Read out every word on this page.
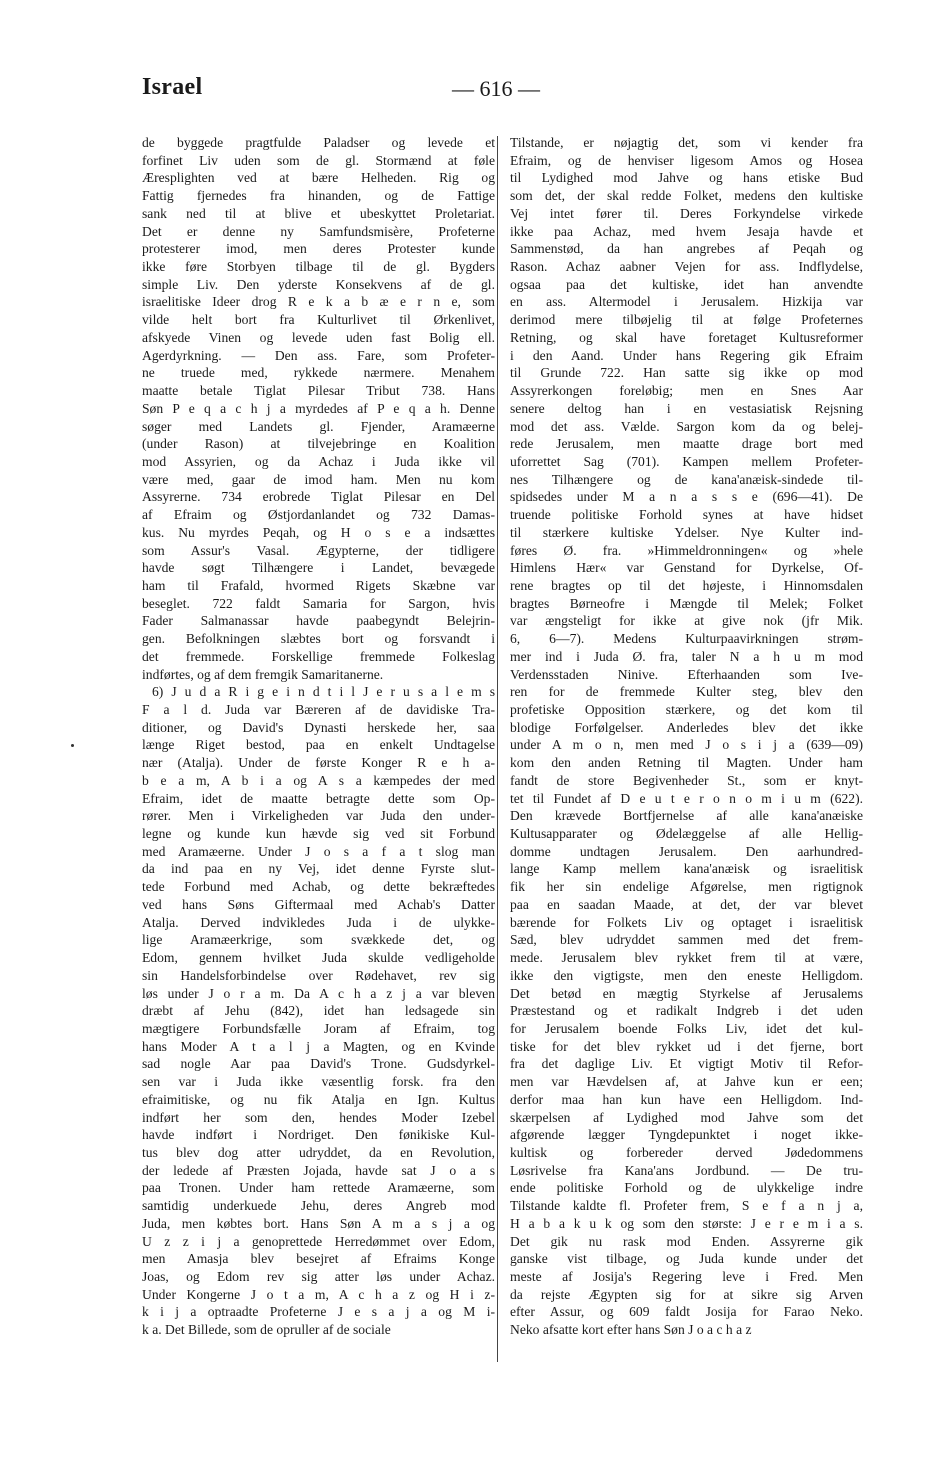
Israel	— 616 —
de byggede pragtfulde Paladser og levede et
forfinet Liv uden som de gl. Stormænd at føle
Æresplighten ved at bære Helheden. Rig og
Fattig fjernedes fra hinanden, og de Fattige
sank ned til at blive et ubeskyttet Proletariat.
Det er denne ny Samfundsmisère, Profeterne
protesterer imod, men deres Protester kunde
ikke føre Storbyen tilbage til de gl. Bygders
simple Liv. Den yderste Konsekvens af de gl.
israelitiske Ideer drog R e k a b æ e r n e, som
vilde helt bort fra Kulturlivet til Ørkenlivet,
afskyede Vinen og levede uden fast Bolig ell.
Agerdyrkning. — Den ass. Fare, som Profeter-
ne truede med, rykkede nærmere. Menahem
maatte betale Tiglat Pilesar Tribut 738. Hans
Søn P e q a c h j a myrdedes af P e q a h. Denne
søger med Landets gl. Fjender, Aramæerne
(under Rason) at tilvejebringe en Koalition
mod Assyrien, og da Achaz i Juda ikke vil
være med, gaar de imod ham. Men nu kom
Assyrerne. 734 erobrede Tiglat Pilesar en Del
af Efraim og Østjordanlandet og 732 Damas-
kus. Nu myrdes Peqah, og H o s e a indsættes
som Assur's Vasal. Ægypterne, der tidligere
havde søgt Tilhængere i Landet, bevægede
ham til Frafald, hvormed Rigets Skæbne var
beseglet. 722 faldt Samaria for Sargon, hvis
Fader Salmanassar havde paabegyndt Belejrin-
gen. Befolkningen slæbtes bort og forsvandt i
det fremmede. Forskellige fremmede Folkeslag
indførtes, og af dem fremgik Samaritanerne.
6) J u d a R i g e i n d t i l J e r u s a l e m s
F a l d. Juda var Bæreren af de davidiske Tra-
ditioner, og David's Dynasti herskede her, saa
længe Riget bestod, paa en enkelt Undtagelse
nær (Atalja). Under de første Konger R e h a-
b e a m, A b i a og A s a kæmpedes der med
Efraim, idet de maatte betragte dette som Op-
rører. Men i Virkeligheden var Juda den under-
legne og kunde kun hævde sig ved sit Forbund
med Aramæerne. Under J o s a f a t slog man
da ind paa en ny Vej, idet denne Fyrste slut-
tede Forbund med Achab, og dette bekræftedes
ved hans Søns Giftermaal med Achab's Datter
Atalja. Derved indvikledes Juda i de ulykke-
lige Aramæerkrige, som svækkede det, og
Edom, gennem hvilket Juda skulde vedligeholde
sin Handelsforbindelse over Rødehavet, rev sig
løs under J o r a m. Da A c h a z j a var bleven
dræbt af Jehu (842), idet han ledsagede sin
mægtigere Forbundsfælle Joram af Efraim, tog
hans Moder A t a l j a Magten, og en Kvinde
sad nogle Aar paa David's Trone. Gudsdyrkel-
sen var i Juda ikke væsentlig forsk. fra den
efraimitiske, og nu fik Atalja en Ign. Kultus
indført her som den, hendes Moder Izebel
havde indført i Nordriget. Den fønikiske Kul-
tus blev dog atter udryddet, da en Revolution,
der ledede af Præsten Jojada, havde sat J o a s
paa Tronen. Under ham rettede Aramæerne, som
samtidig underkuede Jehu, deres Angreb mod
Juda, men købtes bort. Hans Søn A m a s j a og
U z z i j a genoprettede Herredømmet over Edom,
men Amasja blev besejret af Efraims Konge
Joas, og Edom rev sig atter løs under Achaz.
Under Kongerne J o t a m, A c h a z og H i z-
k i j a optraadte Profeterne J e s a j a og M i-
k a. Det Billede, som de opruller af de sociale
Tilstande, er nøjagtig det, som vi kender fra
Efraim, og de henviser ligesom Amos og Hosea
til Lydighed mod Jahve og hans etiske Bud
som det, der skal redde Folket, medens den kultiske
Vej intet fører til. Deres Forkyndelse virkede
ikke paa Achaz, med hvem Jesaja havde et
Sammenstød, da han angrebes af Peqah og
Rason. Achaz aabner Vejen for ass. Indflydelse,
ogsaa paa det kultiske, idet han anvendte
en ass. Altermodel i Jerusalem. Hizkija var
derimod mere tilbøjelig til at følge Profeternes
Retning, og skal have foretaget Kultusreformer
i den Aand. Under hans Regering gik Efraim
til Grunde 722. Han satte sig ikke op mod
Assyrerkongen foreløbig; men en Snes Aar
senere deltog han i en vestasiatisk Rejsning
mod det ass. Vælde. Sargon kom da og belej-
rede Jerusalem, men maatte drage bort med
uforrettet Sag (701). Kampen mellem Profeter-
nes Tilhængere og de kana'anæisk-sindede til-
spidsedes under M a n a s s e (696—41). De
truende politiske Forhold synes at have hidset
til stærkere kultiske Ydelser. Nye Kulter ind-
føres Ø. fra. »Himmeldronningen« og »hele
Himlens Hær« var Genstand for Dyrkelse, Of-
rene bragtes op til det højeste, i Hinnomsdalen
bragtes Børneofre i Mængde til Melek; Folket
var ængsteligt for ikke at give nok (jfr Mik.
6, 6—7). Medens Kulturpaavirkningen strøm-
mer ind i Juda Ø. fra, taler N a h u m mod
Verdensstaden Ninive. Efterhaanden som Ive-
ren for de fremmede Kulter steg, blev den
profetiske Opposition stærkere, og det kom til
blodige Forfølgelser. Anderledes blev det ikke
under A m o n, men med J o s i j a (639—09)
kom den anden Retning til Magten. Under ham
fandt de store Begivenheder St., som er knyt-
tet til Fundet af D e u t e r o n o m i u m (622).
Den krævede Bortfjernelse af alle kana'anæiske
Kultusapparater og Ødelæggelse af alle Hellig-
domme undtagen Jerusalem. Den aarhundred-
lange Kamp mellem kana'anæisk og israelitisk
fik her sin endelige Afgørelse, men rigtignok
paa en saadan Maade, at det, der var blevet
bærende for Folkets Liv og optaget i israelitisk
Sæd, blev udryddet sammen med det frem-
mede. Jerusalem blev rykket frem til at være,
ikke den vigtigste, men den eneste Helligdom.
Det betød en mægtig Styrkelse af Jerusalems
Præstestand og et radikalt Indgreb i det uden
for Jerusalem boende Folks Liv, idet det kul-
tiske for det blev rykket ud i det fjerne, bort
fra det daglige Liv. Et vigtigt Motiv til Refor-
men var Hævdelsen af, at Jahve kun er een;
derfor maa han kun have een Helligdom. Ind-
skærpelsen af Lydighed mod Jahve som det
afgørende lægger Tyngdepunktet i noget ikke-
kultisk og forbereder derved Jødedommens
Løsrivelse fra Kana'ans Jordbund. — De tru-
ende politiske Forhold og de ulykkelige indre
Tilstande kaldte fl. Profeter frem, S e f a n j a,
H a b a k u k og som den største: J e r e m i a s.
Det gik nu rask mod Enden. Assyrerne gik
ganske vist tilbage, og Juda kunde under det
meste af Josija's Regering leve i Fred. Men
da rejste Ægypten sig for at sikre sig Arven
efter Assur, og 609 faldt Josija for Farao Neko.
Neko afsatte kort efter hans Søn J o a c h a z
